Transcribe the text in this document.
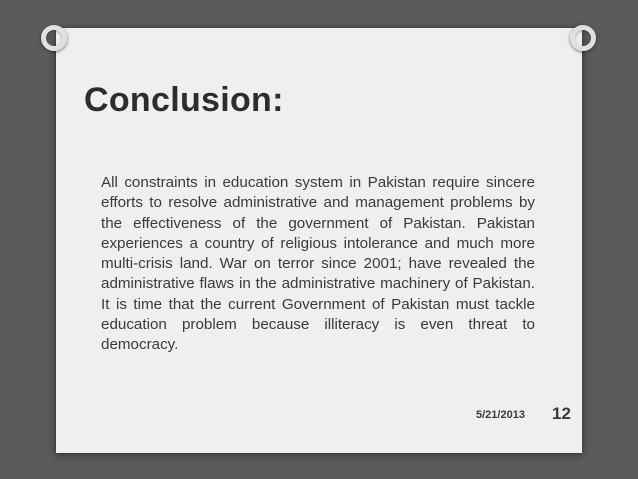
Conclusion:

All constraints in education system in Pakistan require sincere efforts to resolve administrative and management problems by the effectiveness of the government of Pakistan. Pakistan experiences a country of religious intolerance and much more multi-crisis land. War on terror since 2001; have revealed the administrative flaws in the administrative machinery of Pakistan. It is time that the current Government of Pakistan must tackle education problem because illiteracy is even threat to democracy.

5/21/2013 12
